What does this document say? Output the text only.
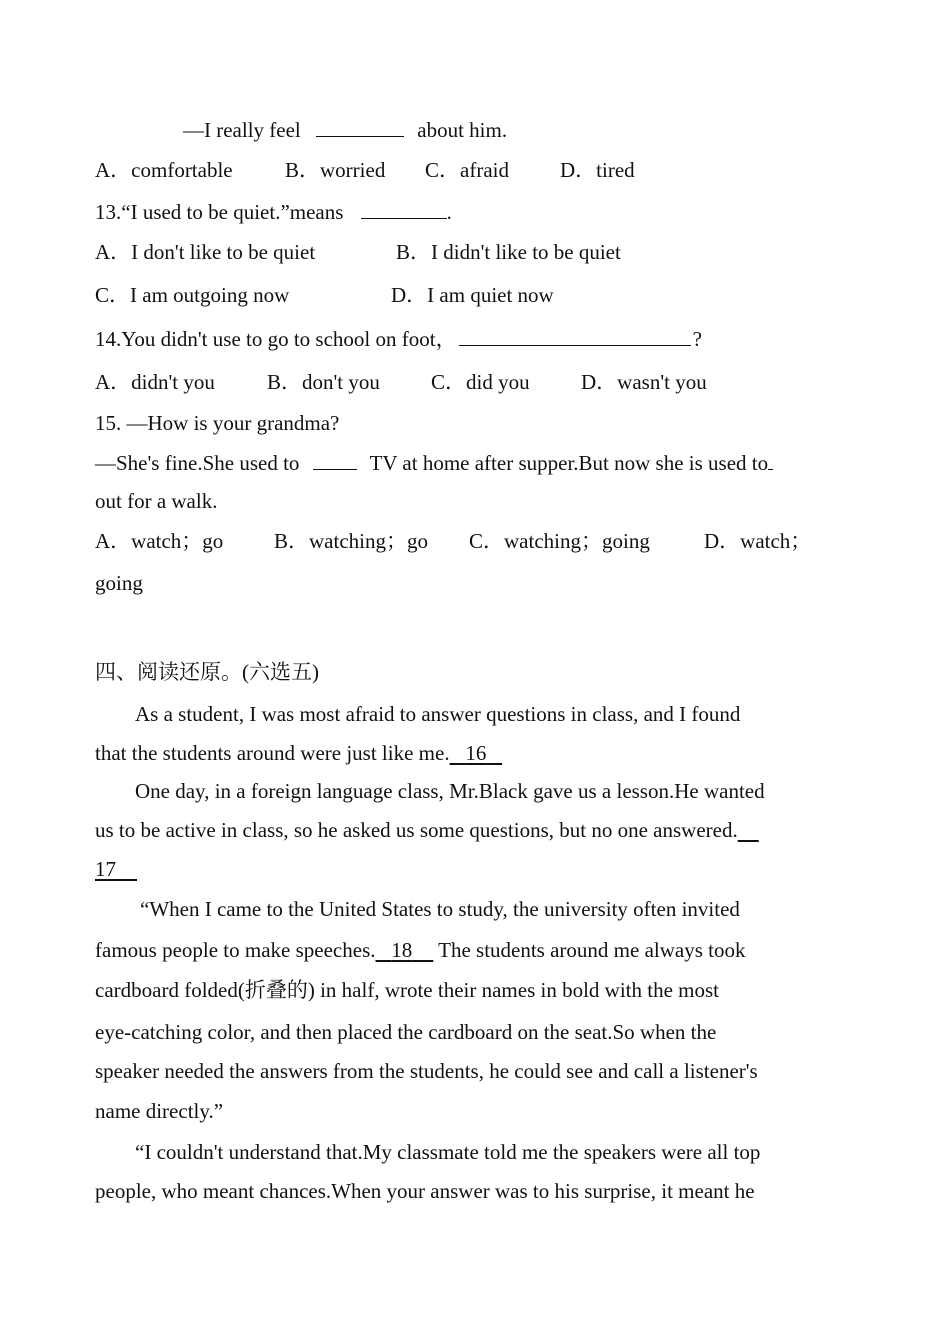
—I really feel	about him.
A．comfortable B．worried C．afraid D．tired
13.“I used to be quiet.”means	.
A．I don't like to be quiet	B．I didn't like to be quiet
C．I am outgoing now	D．I am quiet now
14.You didn't use to go to school on foot，	?
A．didn't you B．don't you C．did you D．wasn't you
15. —How is your grandma?
—She's fine.She used to	TV at home after supper.But now she is used to
out for a walk.
A．watch；go B．watching；go C．watching；going	D．watch；
going
四、阅读还原。(六选五)
As a student, I was most afraid to answer questions in class, and I found
that the students around were just like me. 16
One day, in a foreign language class, Mr.Black gave us a lesson.He wanted
us to be active in class, so he asked us some questions, but no one answered.
17
“When I came to the United States to study, the university often invited
famous people to make speeches. 18 The students around me always took
cardboard folded(折叠的) in half, wrote their names in bold with the most
eye-catching color, and then placed the cardboard on the seat.So when the
speaker needed the answers from the students, he could see and call a listener's
name directly.”
“I couldn't understand that.My classmate told me the speakers were all top
people, who meant chances.When your answer was to his surprise, it meant he
